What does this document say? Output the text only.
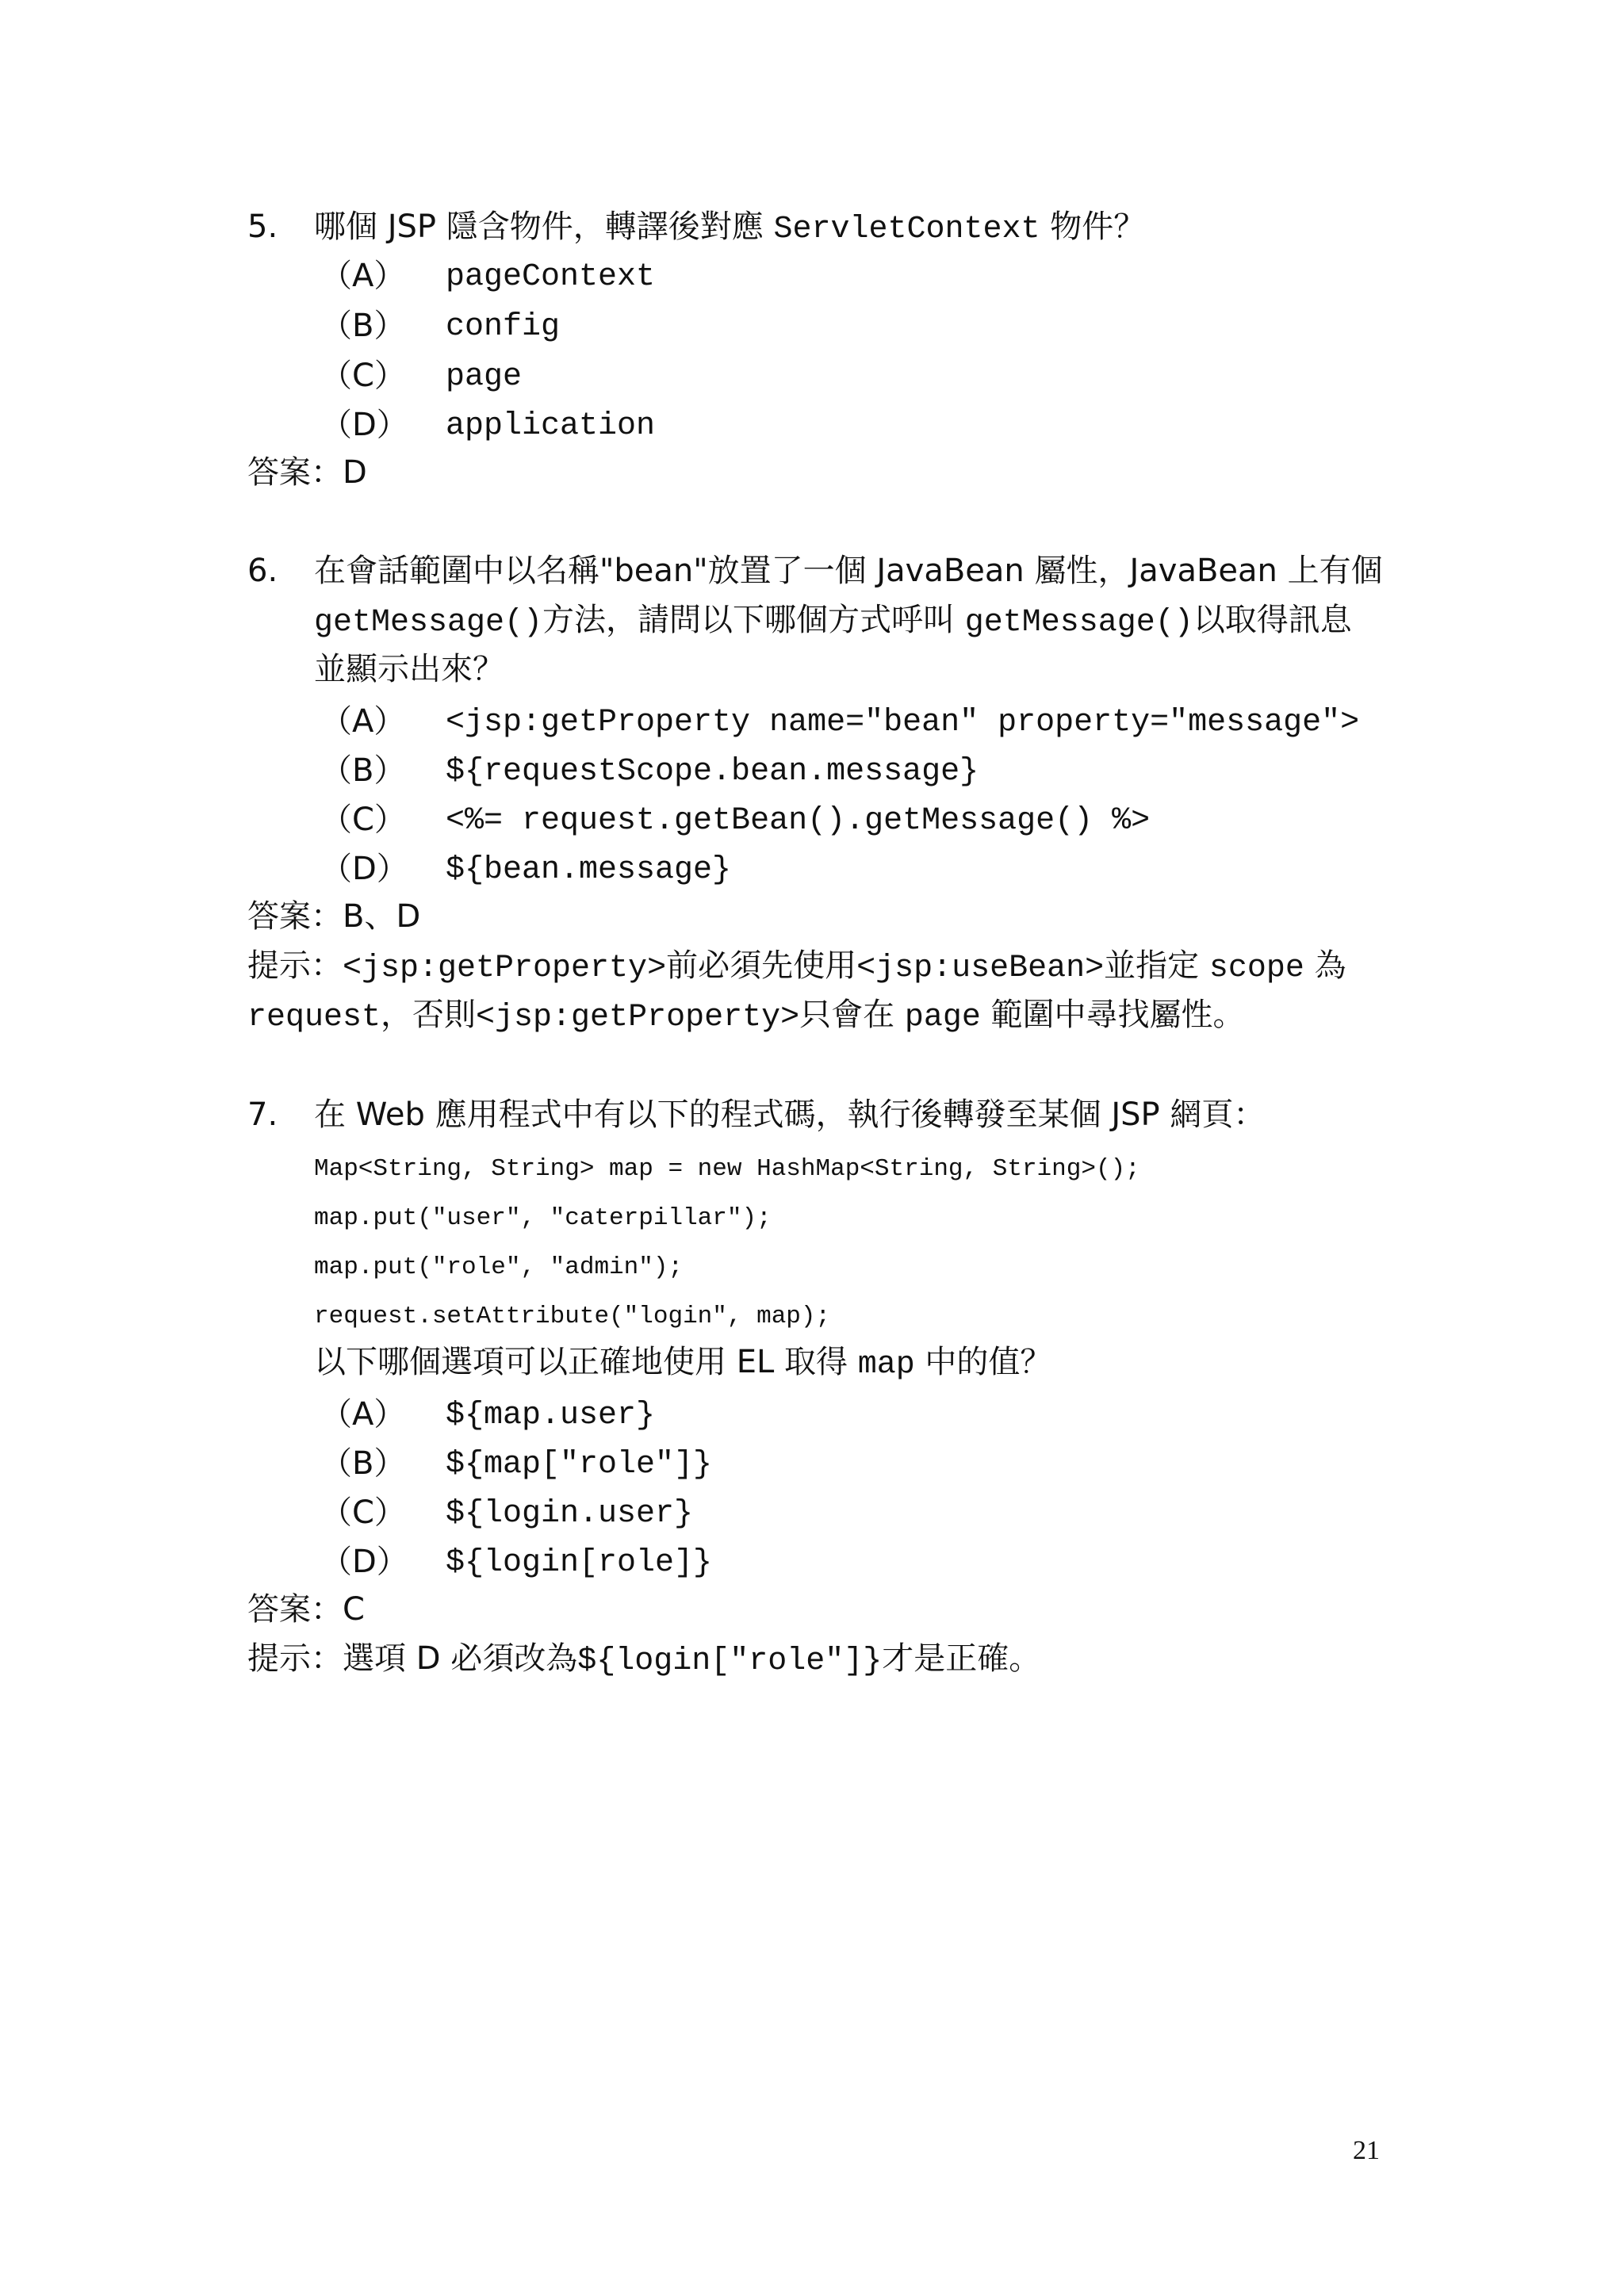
5. 哪個 JSP 隱含物件，轉譯後對應 ServletContext 物件？
（A） pageContext
（B） config
（C） page
（D） application
答案：D
6. 在會話範圍中以名稱"bean"放置了一個 JavaBean 屬性，JavaBean 上有個
getMessage()方法，請問以下哪個方式呼叫 getMessage()以取得訊息
並顯示出來？
（A） <jsp:getProperty name="bean" property="message">
（B） ${requestScope.bean.message}
（C） <%= request.getBean().getMessage() %>
（D） ${bean.message}
答案：B、D
提示：<jsp:getProperty>前必須先使用<jsp:useBean>並指定 scope 為
request，否則<jsp:getProperty>只會在 page 範圍中尋找屬性。
7. 在 Web 應用程式中有以下的程式碼，執行後轉發至某個 JSP 網頁：
Map<String, String> map = new HashMap<String, String>();
map.put("user", "caterpillar");
map.put("role", "admin");
request.setAttribute("login", map);
以下哪個選項可以正確地使用 EL 取得 map 中的值？
（A） ${map.user}
（B） ${map["role"]}
（C） ${login.user}
（D） ${login[role]}
答案：C
提示：選項 D 必須改為${login["role"]}才是正確。
21
